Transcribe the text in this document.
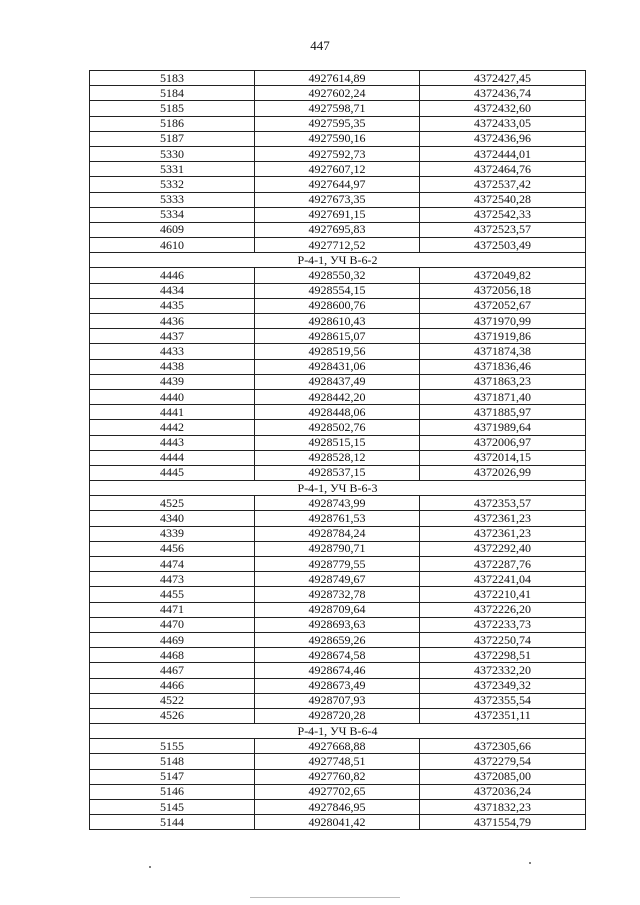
447
5183	4927614,89	4372427,45
5184	4927602,24	4372436,74
5185	4927598,71	4372432,60
5186	4927595,35	4372433,05
5187	4927590,16	4372436,96
5330	4927592,73	4372444,01
5331	4927607,12	4372464,76
5332	4927644,97	4372537,42
5333	4927673,35	4372540,28
5334	4927691,15	4372542,33
4609	4927695,83	4372523,57
4610	4927712,52	4372503,49
Р-4-1, УЧ В-6-2		
4446	4928550,32	4372049,82
4434	4928554,15	4372056,18
4435	4928600,76	4372052,67
4436	4928610,43	4371970,99
4437	4928615,07	4371919,86
4433	4928519,56	4371874,38
4438	4928431,06	4371836,46
4439	4928437,49	4371863,23
4440	4928442,20	4371871,40
4441	4928448,06	4371885,97
4442	4928502,76	4371989,64
4443	4928515,15	4372006,97
4444	4928528,12	4372014,15
4445	4928537,15	4372026,99
Р-4-1, УЧ В-6-3		
4525	4928743,99	4372353,57
4340	4928761,53	4372361,23
4339	4928784,24	4372361,23
4456	4928790,71	4372292,40
4474	4928779,55	4372287,76
4473	4928749,67	4372241,04
4455	4928732,78	4372210,41
4471	4928709,64	4372226,20
4470	4928693,63	4372233,73
4469	4928659,26	4372250,74
4468	4928674,58	4372298,51
4467	4928674,46	4372332,20
4466	4928673,49	4372349,32
4522	4928707,93	4372355,54
4526	4928720,28	4372351,11
Р-4-1, УЧ В-6-4		
5155	4927668,88	4372305,66
5148	4927748,51	4372279,54
5147	4927760,82	4372085,00
5146	4927702,65	4372036,24
5145	4927846,95	4371832,23
5144	4928041,42	4371554,79
